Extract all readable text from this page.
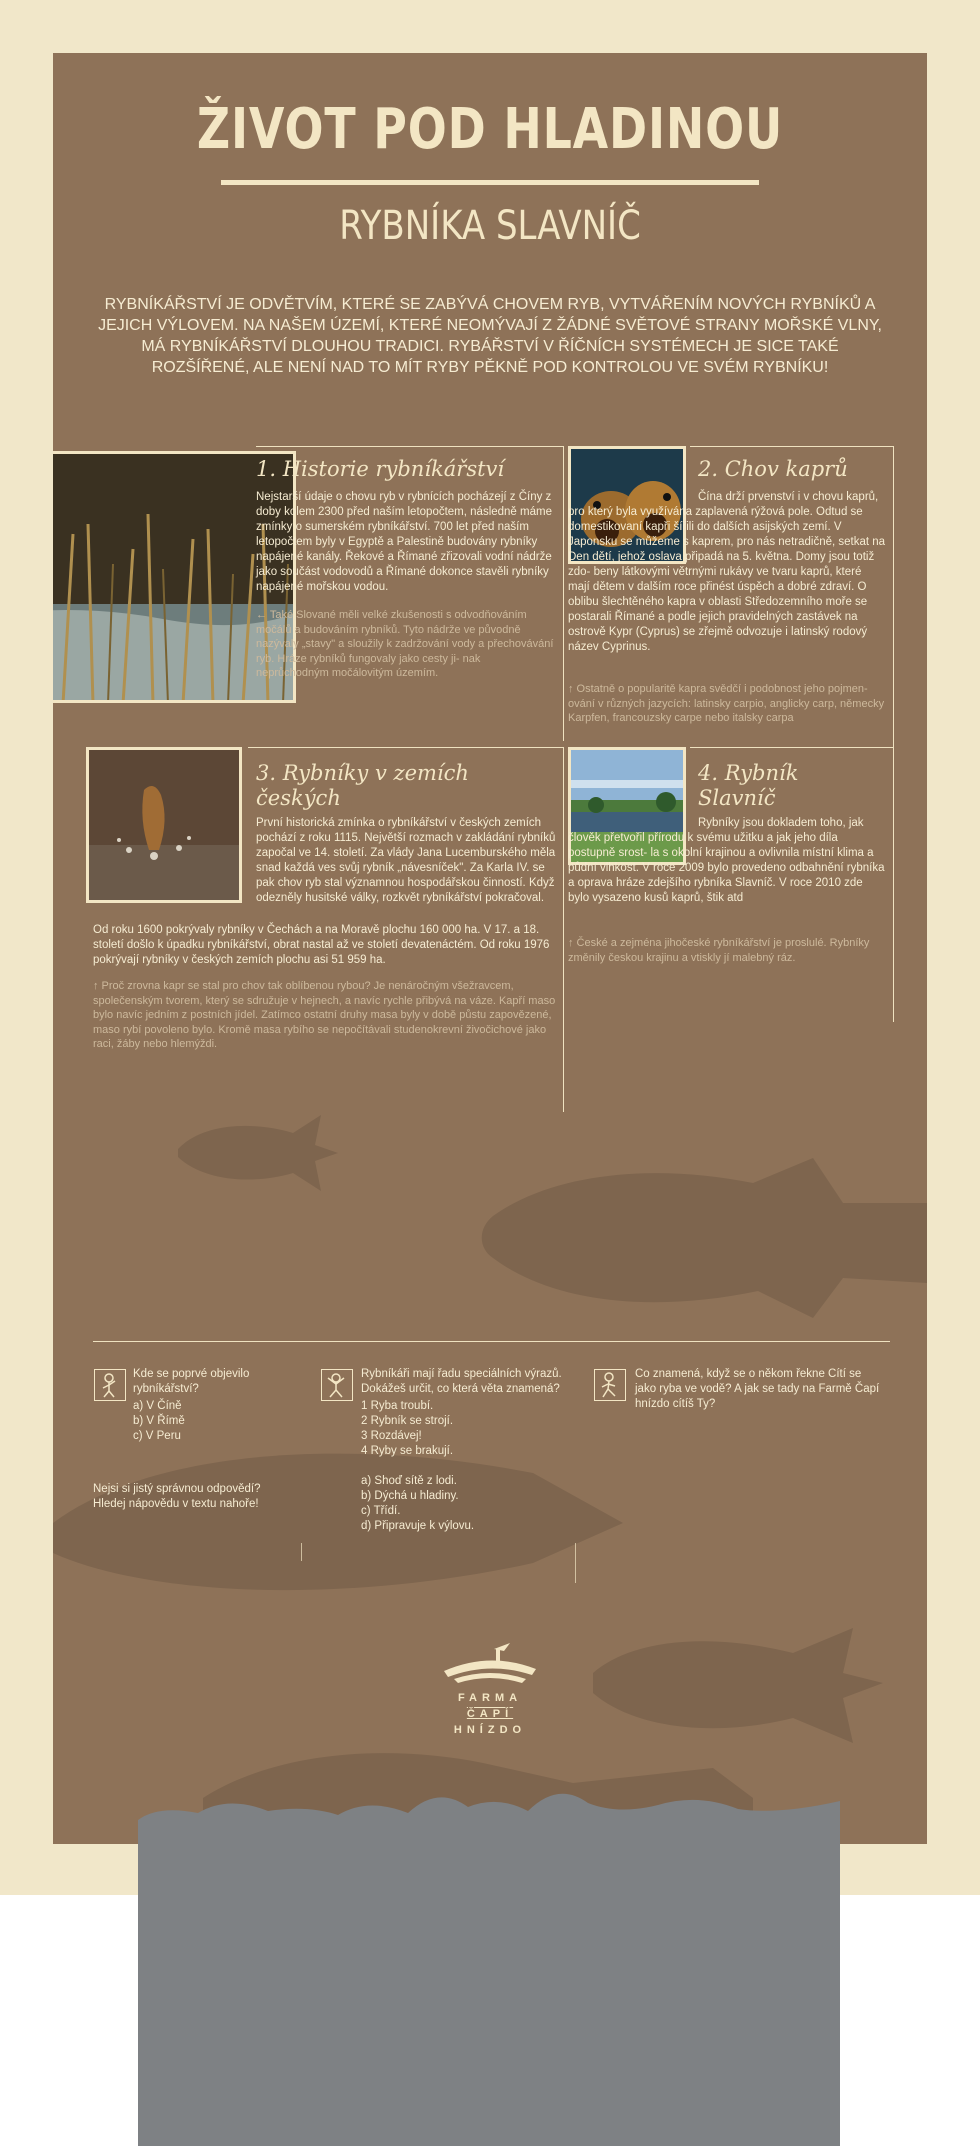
ŽIVOT POD HLADINOU
RYBNÍKA SLAVNÍČ
RYBNÍKÁŘSTVÍ JE ODVĚTVÍM, KTERÉ SE ZABÝVÁ CHOVEM RYB, VYTVÁŘENÍM NOVÝCH RYBNÍKŮ A JEJICH VÝLOVEM. NA NAŠEM ÚZEMÍ, KTERÉ NEOMÝVAJÍ Z ŽÁDNÉ SVĚTOVÉ STRANY MOŘSKÉ VLNY, MÁ RYBNÍKÁŘSTVÍ DLOUHOU TRADICI. RYBÁŘSTVÍ V ŘÍČNÍCH SYSTÉMECH JE SICE TAKÉ ROZŠÍŘENÉ, ALE NENÍ NAD TO MÍT RYBY PĚKNĚ POD KONTROLOU VE SVÉM RYBNÍKU!
1. Historie rybníkářství
Nejstarší údaje o chovu ryb v rybnících pocházejí z Číny z doby kolem 2300 před naším letopočtem, následně máme zmínky o sumerském rybníkářství. 700 let před naším letopočtem byly v Egyptě a Palestině budovány rybníky napájené kanály. Řekové a Římané zřizovali vodní nádrže jako součást vodovodů a Římané dokonce stavěli rybníky napájené mořskou vodou.
← Také Slované měli velké zkušenosti s odvodňováním močálů a budováním rybníků. Tyto nádrže ve původně nazývaly „stavy" a sloužily k zadržování vody a přechovávání ryb. Hráze rybníků fungovaly jako cesty ji- nak neprůchodným močálovitým územím.
2. Chov kaprů
Čína drží prvenství i v chovu kaprů, pro který byla využívána zaplavená rýžová pole. Odtud se domestikovaní kapři šířili do dalších asijských zemí. V Japonsku se můžeme s kaprem, pro nás netradičně, setkat na Den dětí, jehož oslava připadá na 5. května. Domy jsou totiž zdo- beny látkovými větrnými rukávy ve tvaru kaprů, které mají dětem v dalším roce přinést úspěch a dobré zdraví. O oblibu šlechtěného kapra v oblasti Středozemního moře se postarali Římané a podle jejich pravidelných zastávek na ostrově Kypr (Cyprus) se zřejmě odvozuje i latinský rodový název Cyprinus.
↑ Ostatně o popularitě kapra svědčí i podobnost jeho pojmen- ování v různých jazycích: latinsky carpio, anglicky carp, německy Karpfen, francouzsky carpe nebo italsky carpa
3. Rybníky v zemích českých
První historická zmínka o rybníkářství v českých zemích pochází z roku 1115. Největší rozmach v zakládání rybníků započal ve 14. století. Za vlády Jana Lucemburského měla snad každá ves svůj rybník „návesníček". Za Karla IV. se pak chov ryb stal významnou hospodářskou činností. Když odezněly husitské války, rozkvět rybníkářství pokračoval.
Od roku 1600 pokrývaly rybníky v Čechách a na Moravě plochu 160 000 ha. V 17. a 18. století došlo k úpadku rybníkářství, obrat nastal až ve století devatenáctém. Od roku 1976 pokrývají rybníky v českých zemích plochu asi 51 959 ha.
↑ Proč zrovna kapr se stal pro chov tak oblíbenou rybou? Je nenáročným všežravcem, společenským tvorem, který se sdružuje v hejnech, a navíc rychle přibývá na váze. Kapří maso bylo navíc jedním z postních jídel. Zatímco ostatní druhy masa byly v době půstu zapovězené, maso rybí povoleno bylo. Kromě masa rybího se nepočítávali studenokrevní živočichové jako raci, žáby nebo hlemýždi.
4. Rybník Slavníč
Rybníky jsou dokladem toho, jak člověk přetvořil přírodu k svému užitku a jak jeho díla postupně srost- la s okolní krajinou a ovlivnila místní klima a půdní vlhkost. V roce 2009 bylo provedeno odbahnění rybníka a oprava hráze zdejšího rybníka Slavníč. V roce 2010 zde bylo vysazeno kusů kaprů, štik atd
↑ České a zejména jihočeské rybníkářství je proslulé. Rybníky změnily českou krajinu a vtiskly jí malebný ráz.
Kde se poprvé objevilo rybníkářství?
a) V Číně
b) V Římě
c) V Peru
Rybníkáři mají řadu speciálních výrazů. Dokážeš určit, co která věta znamená?
1 Ryba troubí.
2 Rybník se strojí.
3 Rozdávej!
4 Ryby se brakují.

a) Shoď sítě z lodi.
b) Dýchá u hladiny.
c) Třídí.
d) Připravuje k výlovu.
Co znamená, když se o někom řekne Cítí se jako ryba ve vodě? A jak se tady na Farmě Čapí hnízdo cítíš Ty?
Nejsi si jistý správnou odpovědí? Hledej nápovědu v textu nahoře!
FARMA
ČAPÍ
HNÍZDO
